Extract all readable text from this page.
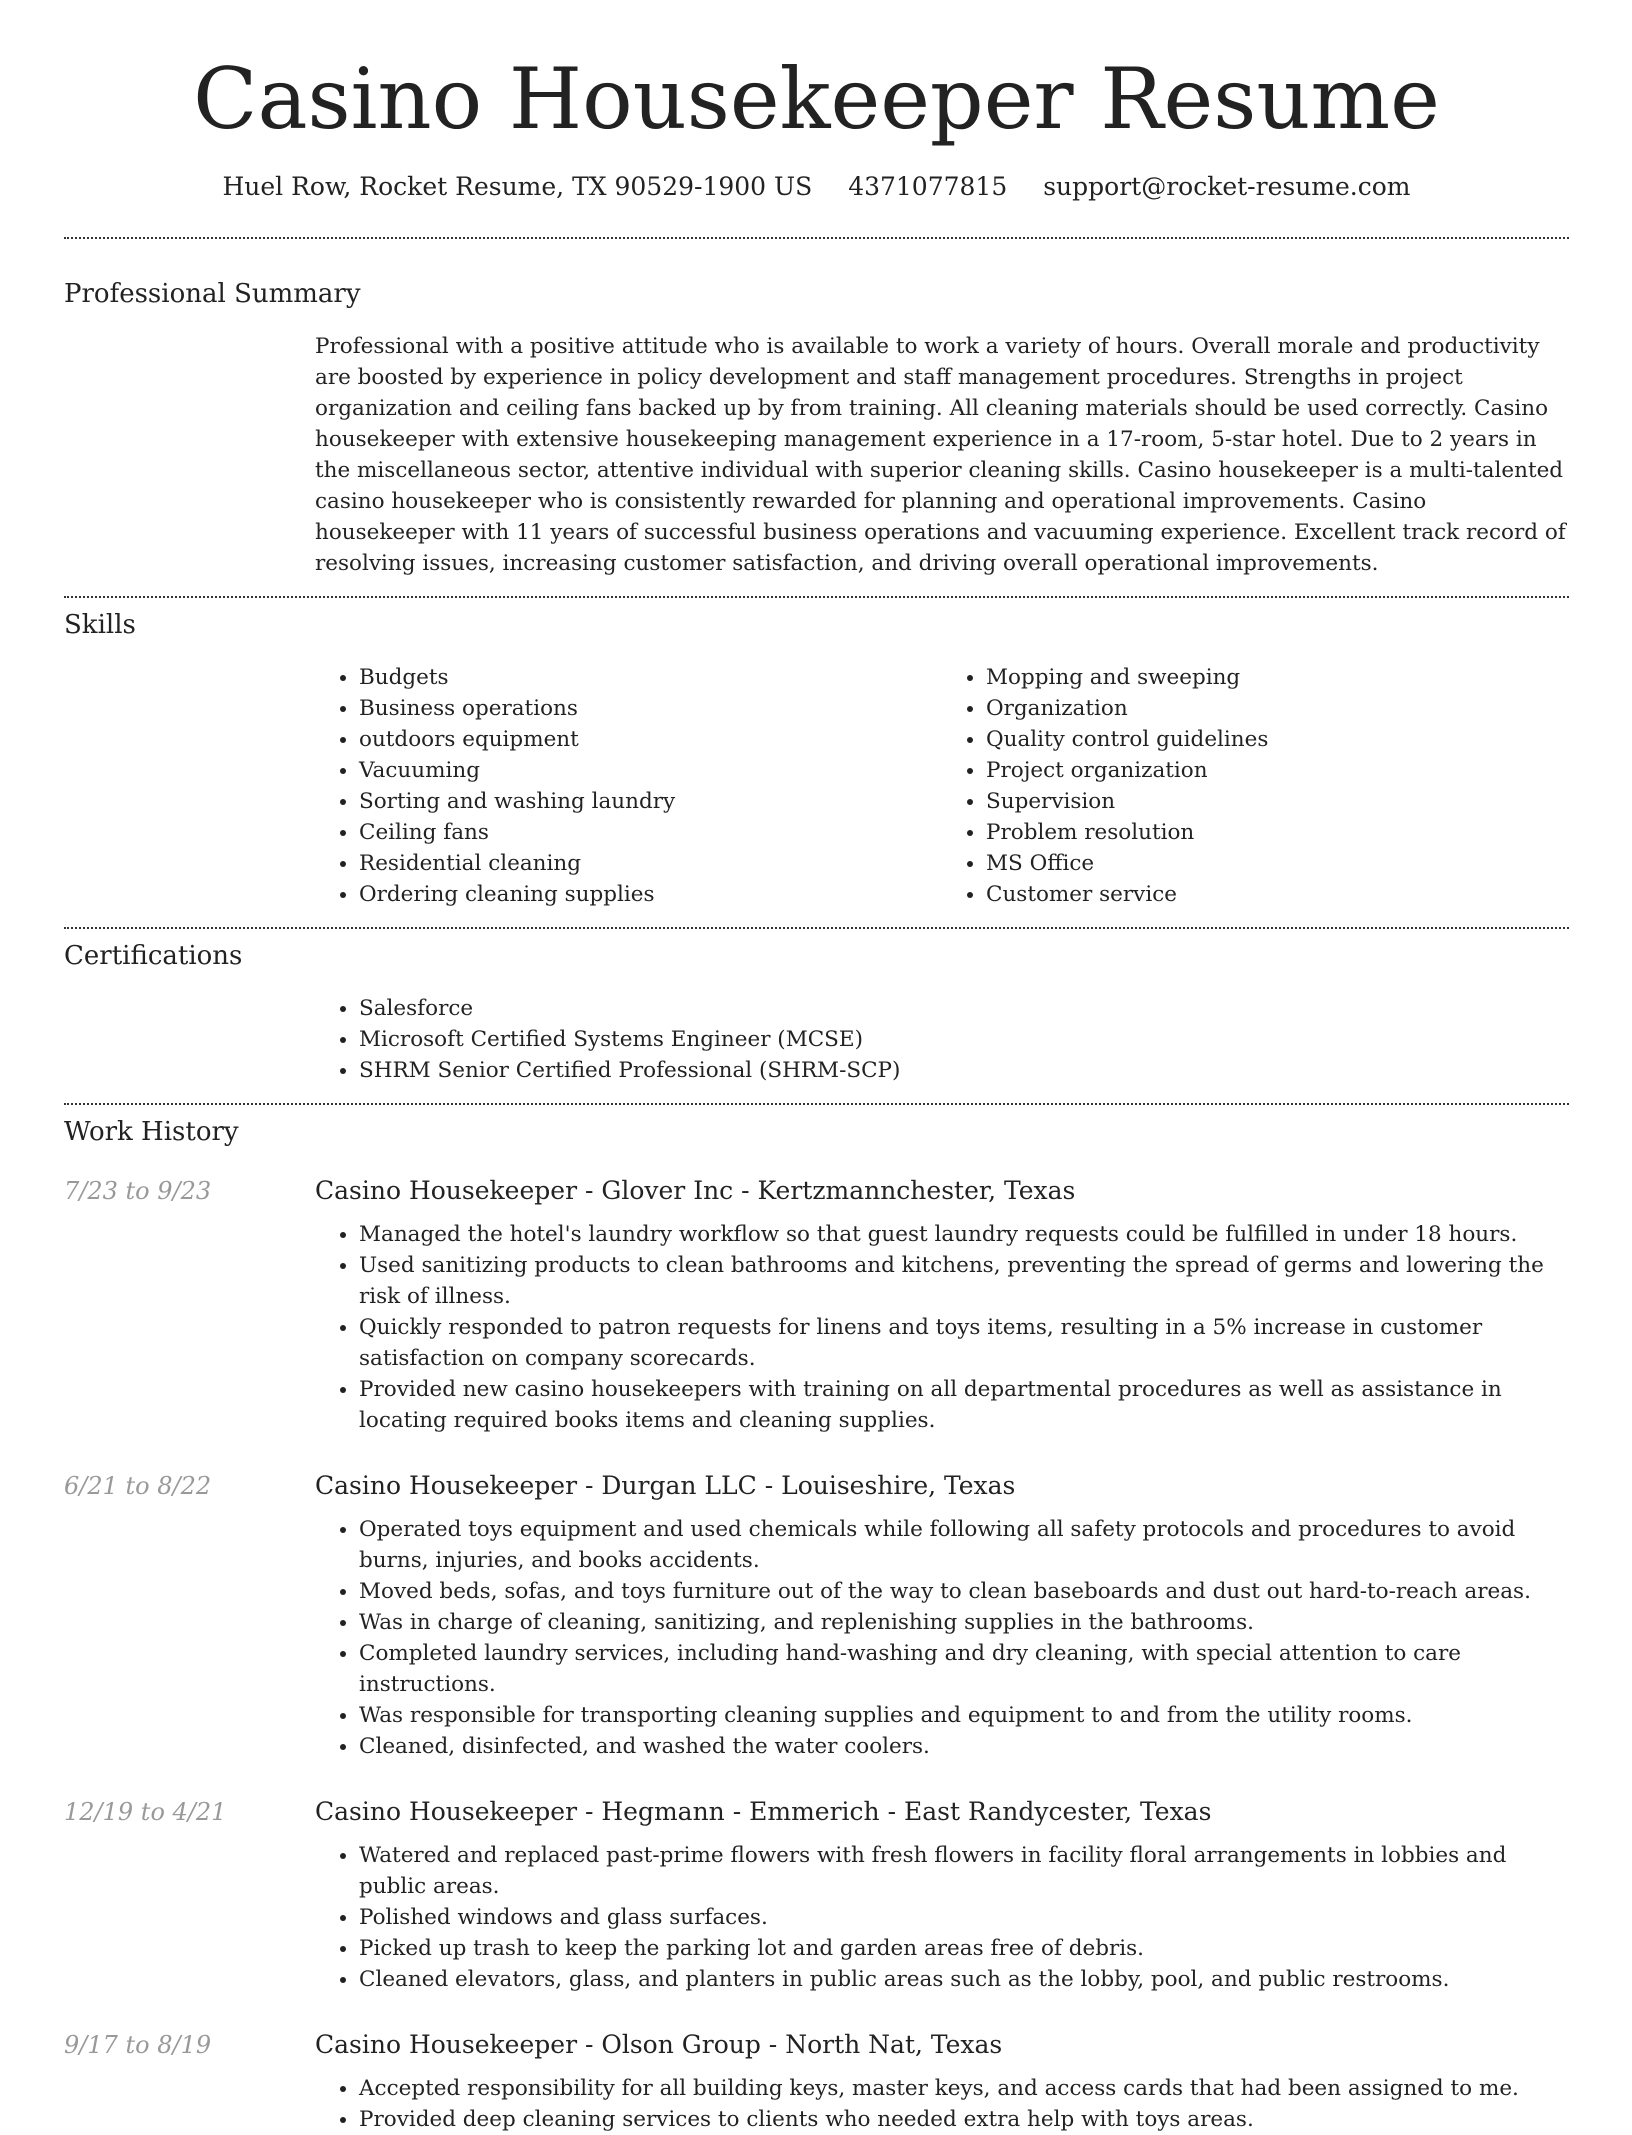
Casino Housekeeper Resume
Huel Row, Rocket Resume, TX 90529-1900 US 4371077815 support@rocket-resume.com
Professional Summary
Professional with a positive attitude who is available to work a variety of hours. Overall morale and productivity are boosted by experience in policy development and staff management procedures. Strengths in project organization and ceiling fans backed up by from training. All cleaning materials should be used correctly. Casino housekeeper with extensive housekeeping management experience in a 17-room, 5-star hotel. Due to 2 years in the miscellaneous sector, attentive individual with superior cleaning skills. Casino housekeeper is a multi-talented casino housekeeper who is consistently rewarded for planning and operational improvements. Casino housekeeper with 11 years of successful business operations and vacuuming experience. Excellent track record of resolving issues, increasing customer satisfaction, and driving overall operational improvements.
Skills
• Budgets
• Business operations
• outdoors equipment
• Vacuuming
• Sorting and washing laundry
• Ceiling fans
• Residential cleaning
• Ordering cleaning supplies
• Mopping and sweeping
• Organization
• Quality control guidelines
• Project organization
• Supervision
• Problem resolution
• MS Office
• Customer service
Certifications
• Salesforce
• Microsoft Certified Systems Engineer (MCSE)
• SHRM Senior Certified Professional (SHRM-SCP)
Work History
7/23 to 9/23	Casino Housekeeper - Glover Inc - Kertzmannchester, Texas
• Managed the hotel's laundry workflow so that guest laundry requests could be fulfilled in under 18 hours.
• Used sanitizing products to clean bathrooms and kitchens, preventing the spread of germs and lowering the risk of illness.
• Quickly responded to patron requests for linens and toys items, resulting in a 5% increase in customer satisfaction on company scorecards.
• Provided new casino housekeepers with training on all departmental procedures as well as assistance in locating required books items and cleaning supplies.
6/21 to 8/22	Casino Housekeeper - Durgan LLC - Louiseshire, Texas
• Operated toys equipment and used chemicals while following all safety protocols and procedures to avoid burns, injuries, and books accidents.
• Moved beds, sofas, and toys furniture out of the way to clean baseboards and dust out hard-to-reach areas.
• Was in charge of cleaning, sanitizing, and replenishing supplies in the bathrooms.
• Completed laundry services, including hand-washing and dry cleaning, with special attention to care instructions.
• Was responsible for transporting cleaning supplies and equipment to and from the utility rooms.
• Cleaned, disinfected, and washed the water coolers.
12/19 to 4/21	Casino Housekeeper - Hegmann - Emmerich - East Randycester, Texas
• Watered and replaced past-prime flowers with fresh flowers in facility floral arrangements in lobbies and public areas.
• Polished windows and glass surfaces.
• Picked up trash to keep the parking lot and garden areas free of debris.
• Cleaned elevators, glass, and planters in public areas such as the lobby, pool, and public restrooms.
9/17 to 8/19	Casino Housekeeper - Olson Group - North Nat, Texas
• Accepted responsibility for all building keys, master keys, and access cards that had been assigned to me.
• Provided deep cleaning services to clients who needed extra help with toys areas.
